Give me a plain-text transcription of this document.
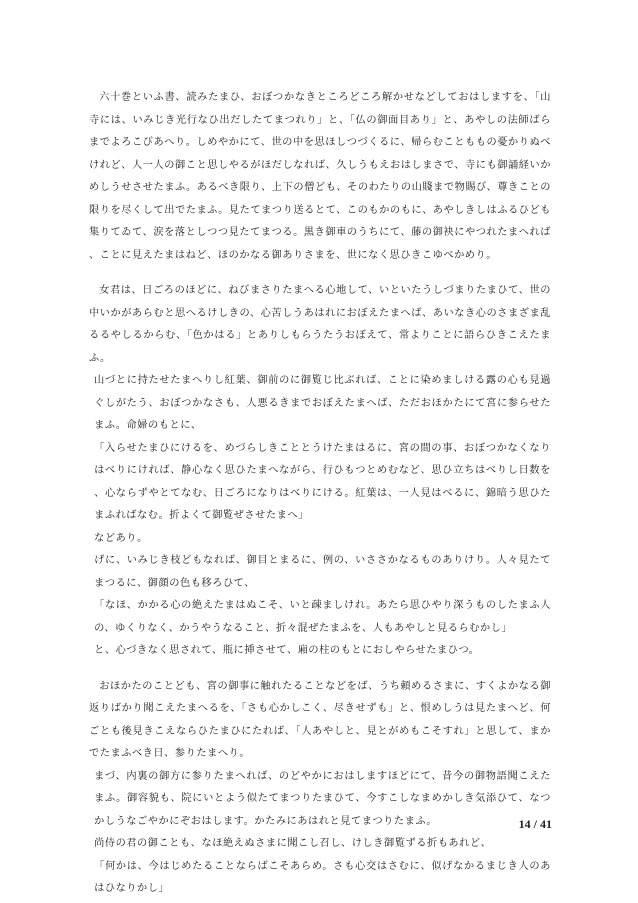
六十巻といふ書、読みたまひ、おぼつかなきところどころ解かせなどしておはしますを、「山寺には、いみじき光行なひ出だしたてまつれり」と、「仏の御面目あり」と、あやしの法師ばらまでよろこびあへり。しめやかにて、世の中を思ほしつづくるに、帰らむことももの憂かりぬべけれど、人一人の御こと思しやるがほだしなれば、久しうもえおはしまさで、寺にも御誦経いかめしうせさせたまふ。あるべき限り、上下の僧ども、そのわたりの山賤まで物賜び、尊きことの限りを尽くして出でたまふ。見たてまつり送るとて、このもかのもに、あやしきしはふるひども集りてゐて、涙を落としつつ見たてまつる。黒き御車のうちにて、藤の御袂にやつれたまへれば、ことに見えたまはねど、ほのかなる御ありさまを、世になく思ひきこゆべかめり。

女君は、日ごろのほどに、ねびまさりたまへる心地して、いといたうしづまりたまひて、世の中いかがあらむと思へるけしきの、心苦しうあはれにおぼえたまへば、あいなき心のさまざま乱るるやしるからむ、「色かはる」とありしもらうたうおぼえて、常よりことに語らひきこえたまふ。

山づとに持たせたまへりし紅葉、御前のに御覧じ比ぶれば、ことに染めましける露の心も見過ぐしがたう、おぼつかなさも、人悪るきまでおぼえたまへば、ただおほかたにて宮に参らせたまふ。命婦のもとに、

「入らせたまひにけるを、めづらしきこととうけたまはるに、宮の間の事、おぼつかなくなりはべりにければ、静心なく思ひたまへながら、行ひもつとめむなど、思ひ立ちはべりし日数を、心ならずやとてなむ、日ごろになりはべりにける。紅葉は、一人見はべるに、錦暗う思ひたまふればなむ。折よくて御覧ぜさせたまへ」

などあり。

げに、いみじき枝どもなれば、御目とまるに、例の、いささかなるものありけり。人々見たてまつるに、御顔の色も移ろひて、

「なほ、かかる心の絶えたまはぬこそ、いと疎ましけれ。あたら思ひやり深うものしたまふ人の、ゆくりなく、かうやうなること、折々混ぜたまふを、人もあやしと見るらむかし」

と、心づきなく思されて、瓶に挿させて、廂の柱のもとにおしやらせたまひつ。

おほかたのことども、宮の御事に触れたることなどをば、うち頼めるさまに、すくよかなる御返りばかり聞こえたまへるを、「さも心かしこく、尽きせずも」と、恨めしうは見たまへど、何ごとも後見きこえならひたまひにたれば、「人あやしと、見とがめもこそすれ」と思して、まかでたまふべき日、参りたまへり。

まづ、内裏の御方に参りたまへれば、のどやかにおはしますほどにて、昔今の御物語聞こえたまふ。御容貌も、院にいとよう似たてまつりたまひて、今すこしなまめかしき気添ひて、なつかしうなごやかにぞおはします。かたみにあはれと見てまつりたまふ。

尚侍の君の御ことも、なほ絶えぬさまに聞こし召し、けしき御覧ずる折もあれど、

「何かは、今はじめたることならばこそあらめ。さも心交はさむに、似げなかるまじき人のあはひなりかし」

14 / 41
